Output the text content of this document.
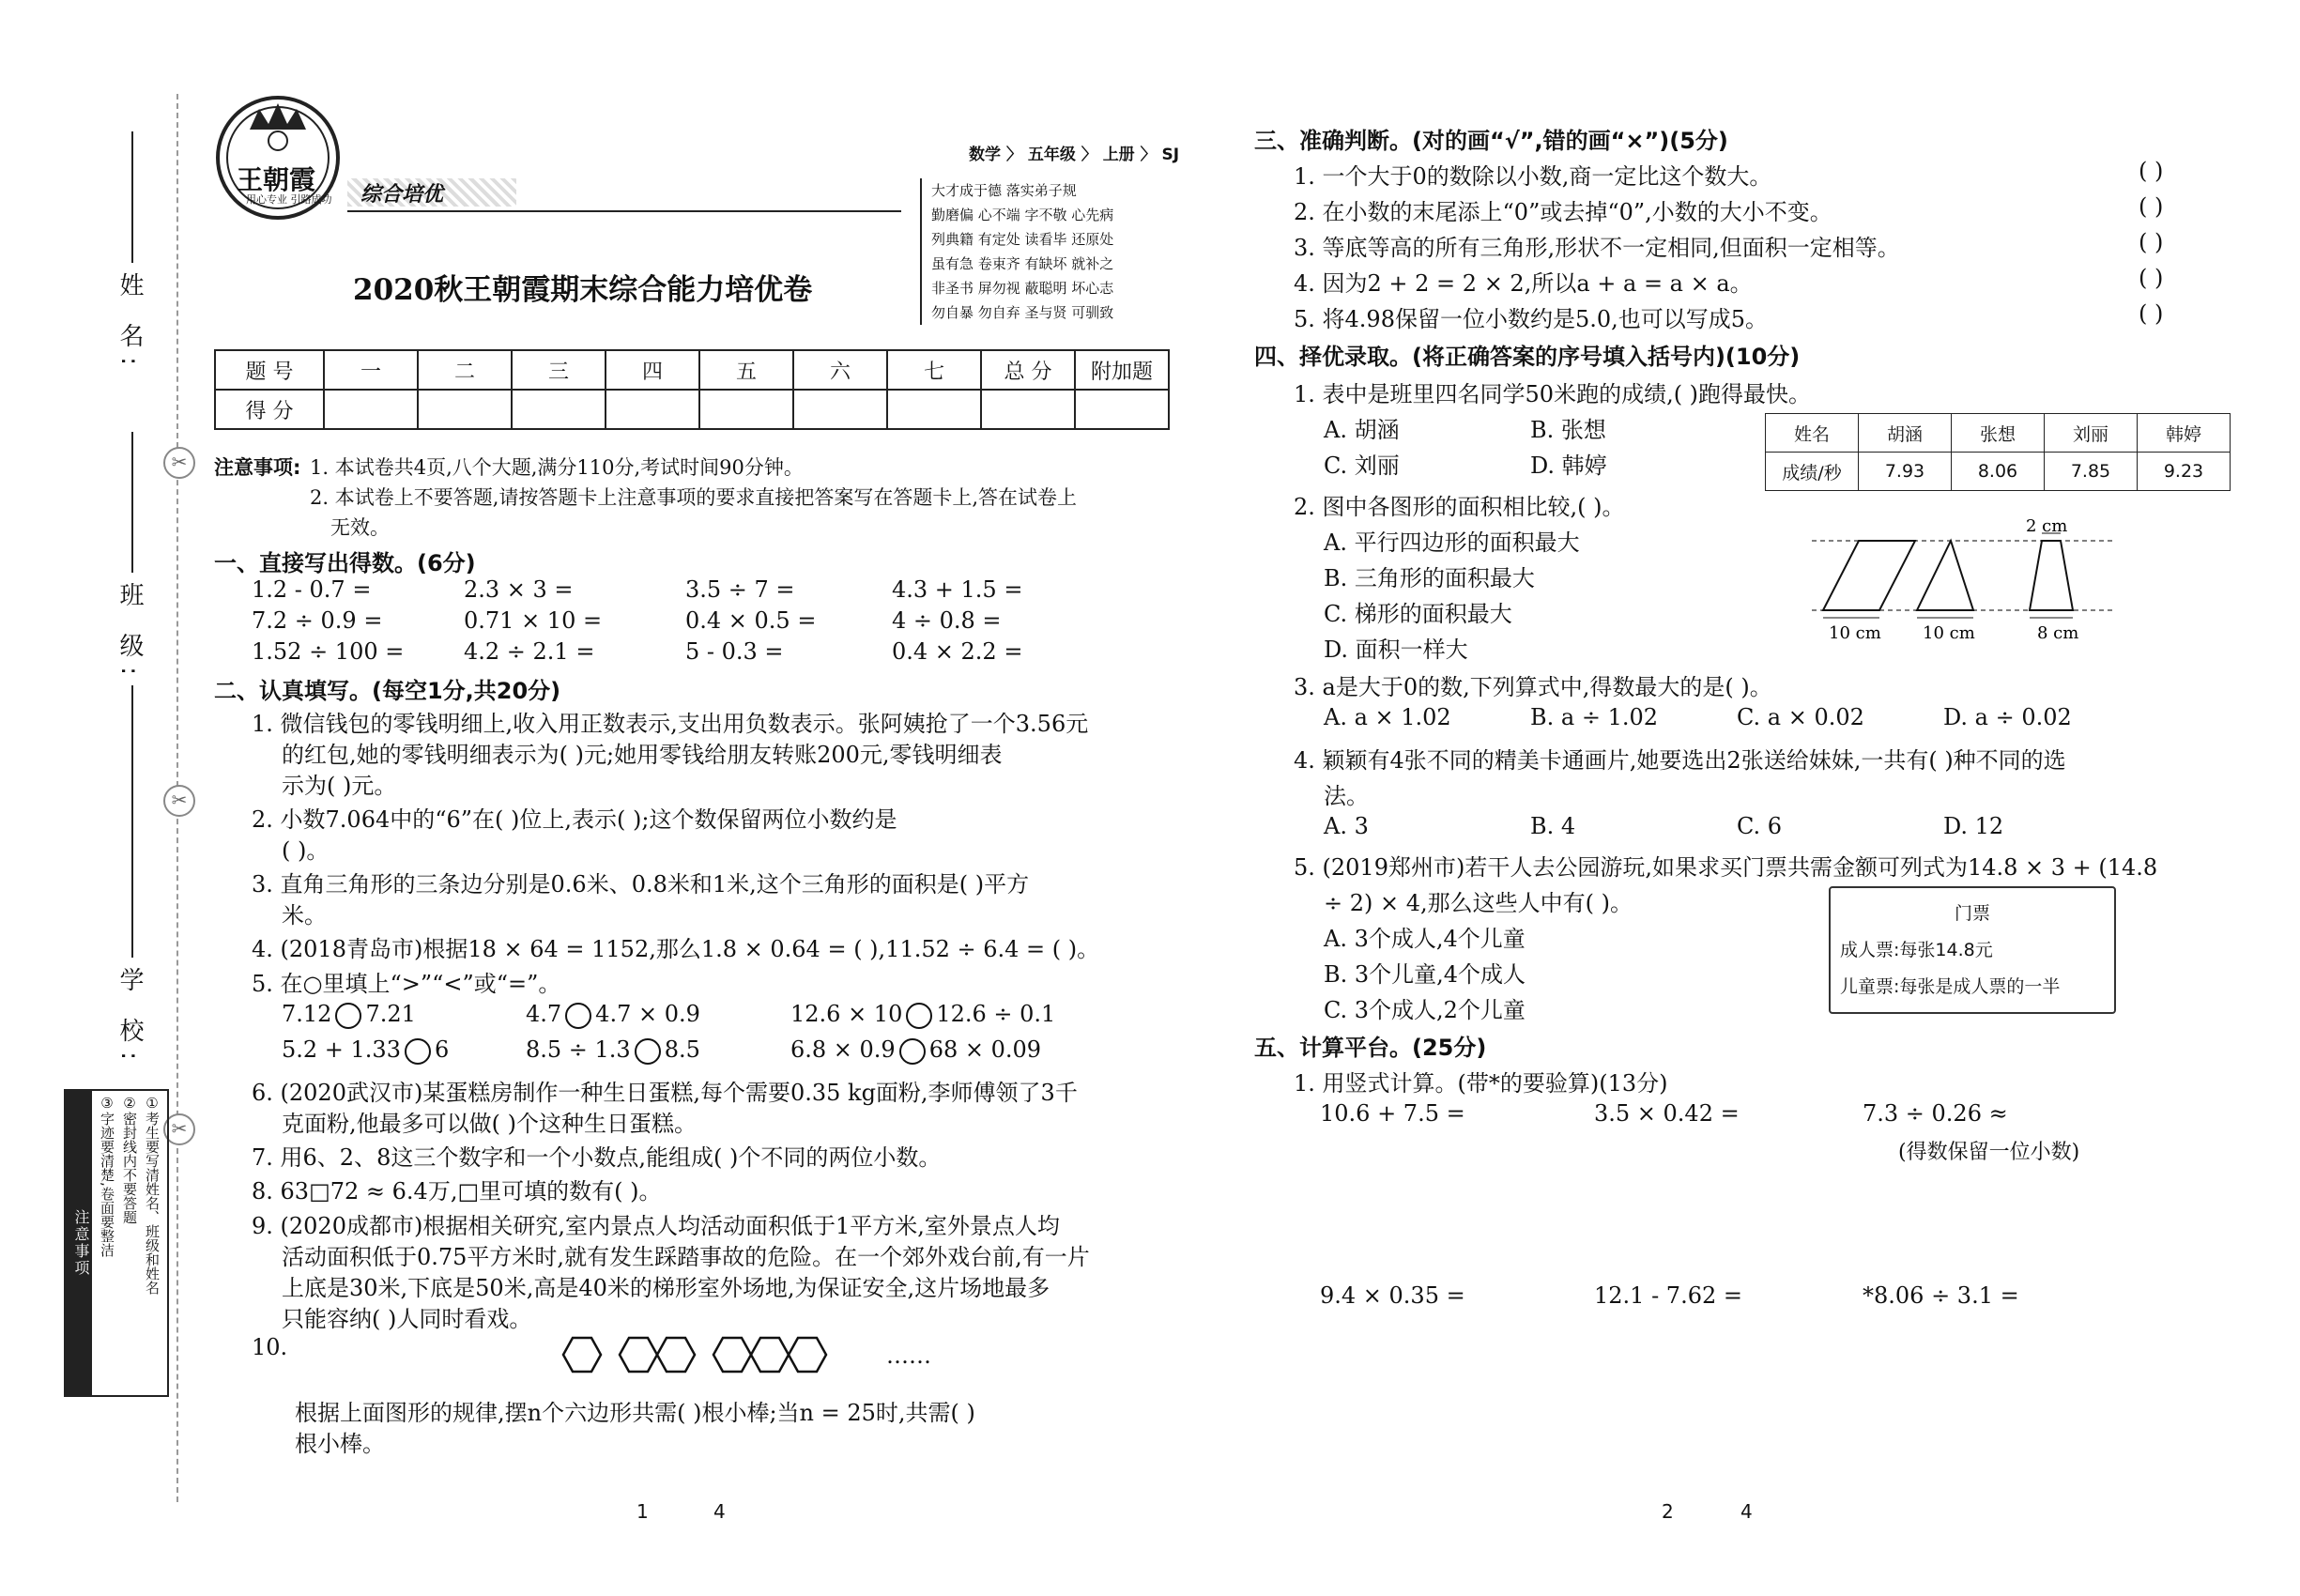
✂
✂
✂
姓 名:
班 级:
学 校:
注意事项	①考生要写清姓名、班级和姓名
②密封线内不要答题
③字迹要清楚,卷面要整洁
王朝霞
用心专业 引路成功 综合培优
数学 〉 五年级 〉 上册 〉 SJ
2020秋王朝霞期末综合能力培优卷
大才成于德 落实弟子规
勤磨偏 心不端 字不敬 心先病
列典籍 有定处 读看毕 还原处
虽有急 卷束齐 有缺坏 就补之
非圣书 屏勿视 蔽聪明 坏心志
勿自暴 勿自弃 圣与贤 可驯致
题 号	一	二	三	四	五	六	七	总 分	附加题
得 分									
注意事项: 1. 本试卷共4页,八个大题,满分110分,考试时间90分钟。
2. 本试卷上不要答题,请按答题卡上注意事项的要求直接把答案写在答题卡上,答在试卷上
无效。
一、直接写出得数。(6分)
1.2 - 0.7 =	2.3 × 3 =	3.5 ÷ 7 =	4.3 + 1.5 =
7.2 ÷ 0.9 =	0.71 × 10 =	0.4 × 0.5 =	4 ÷ 0.8 =
1.52 ÷ 100 =	4.2 ÷ 2.1 =	5 - 0.3 =	0.4 × 2.2 =
二、认真填写。(每空1分,共20分)
1. 微信钱包的零钱明细上,收入用正数表示,支出用负数表示。张阿姨抢了一个3.56元
的红包,她的零钱明细表示为( )元;她用零钱给朋友转账200元,零钱明细表
示为( )元。
2. 小数7.064中的“6”在( )位上,表示( );这个数保留两位小数约是
( )。
3. 直角三角形的三条边分别是0.6米、0.8米和1米,这个三角形的面积是( )平方
米。
4. (2018青岛市)根据18 × 64 = 1152,那么1.8 × 0.64 = ( ),11.52 ÷ 6.4 = ( )。
5. 在○里填上“>”“<”或“=”。
7.12 7.21	4.7 4.7 × 0.9	12.6 × 10 12.6 ÷ 0.1
5.2 + 1.33 6	8.5 ÷ 1.3 8.5	6.8 × 0.9 68 × 0.09
6. (2020武汉市)某蛋糕房制作一种生日蛋糕,每个需要0.35 kg面粉,李师傅领了3千
克面粉,他最多可以做( )个这种生日蛋糕。
7. 用6、2、8这三个数字和一个小数点,能组成( )个不同的两位小数。
8. 63□72 ≈ 6.4万,□里可填的数有( )。
9. (2020成都市)根据相关研究,室内景点人均活动面积低于1平方米,室外景点人均
活动面积低于0.75平方米时,就有发生踩踏事故的危险。在一个郊外戏台前,有一片
上底是30米,下底是50米,高是40米的梯形室外场地,为保证安全,这片场地最多
只能容纳( )人同时看戏。
10.	……
根据上面图形的规律,摆n个六边形共需( )根小棒;当n = 25时,共需( )
根小棒。
1	4
三、准确判断。(对的画“√”,错的画“×”)(5分)
1. 一个大于0的数除以小数,商一定比这个数大。	( )
2. 在小数的末尾添上“0”或去掉“0”,小数的大小不变。	( )
3. 等底等高的所有三角形,形状不一定相同,但面积一定相等。	( )
4. 因为2 + 2 = 2 × 2,所以a + a = a × a。	( )
5. 将4.98保留一位小数约是5.0,也可以写成5。	( )
四、择优录取。(将正确答案的序号填入括号内)(10分)
1. 表中是班里四名同学50米跑的成绩,( )跑得最快。
A. 胡涵	B. 张想
C. 刘丽	D. 韩婷
姓名	胡涵	张想	刘丽	韩婷
成绩/秒	7.93	8.06	7.85	9.23
2. 图中各图形的面积相比较,( )。
A. 平行四边形的面积最大
B. 三角形的面积最大
C. 梯形的面积最大
D. 面积一样大
2 cm
10 cm 10 cm	8 cm
3. a是大于0的数,下列算式中,得数最大的是( )。
A. a × 1.02	B. a ÷ 1.02	C. a × 0.02	D. a ÷ 0.02
4. 颖颖有4张不同的精美卡通画片,她要选出2张送给妹妹,一共有( )种不同的选
法。
A. 3	B. 4	C. 6	D. 12
5. (2019郑州市)若干人去公园游玩,如果求买门票共需金额可列式为14.8 × 3 + (14.8
÷ 2) × 4,那么这些人中有( )。
A. 3个成人,4个儿童
B. 3个儿童,4个成人
C. 3个成人,2个儿童
门票
成人票:每张14.8元
儿童票:每张是成人票的一半
五、计算平台。(25分)
1. 用竖式计算。(带*的要验算)(13分)
10.6 + 7.5 =	3.5 × 0.42 =	7.3 ÷ 0.26 ≈
(得数保留一位小数)
9.4 × 0.35 =	12.1 - 7.62 =	*8.06 ÷ 3.1 =
2	4
